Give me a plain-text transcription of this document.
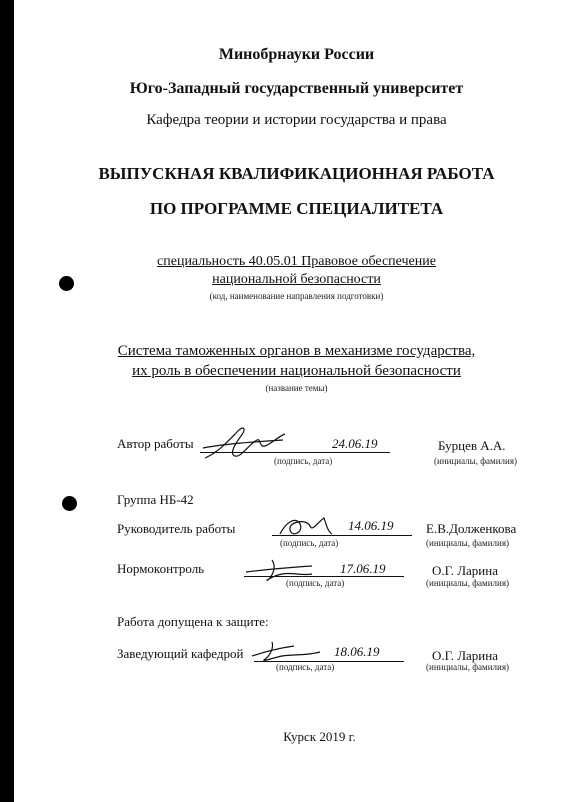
Минобрнауки России
Юго-Западный государственный университет
Кафедра теории и истории государства и права
ВЫПУСКНАЯ КВАЛИФИКАЦИОННАЯ РАБОТА
ПО ПРОГРАММЕ СПЕЦИАЛИТЕТА
специальность 40.05.01 Правовое обеспечение
национальной безопасности
(код, наименование направления подготовки)
Система таможенных органов в механизме государства,
их роль в обеспечении национальной безопасности
(название темы)
Автор работы	24.06.19	Бурцев А.А.
(подпись, дата)	(инициалы, фамилия)
Группа НБ-42
Руководитель работы	14.06.19	Е.В.Долженкова
(подпись, дата)	(инициалы, фамилия)
Нормоконтроль	17.06.19	О.Г. Ларина
(подпись, дата)	(инициалы, фамилия)
Работа допущена к защите:
Заведующий кафедрой	18.06.19	О.Г. Ларина
(подпись, дата)	(инициалы, фамилия)
Курск 2019 г.
